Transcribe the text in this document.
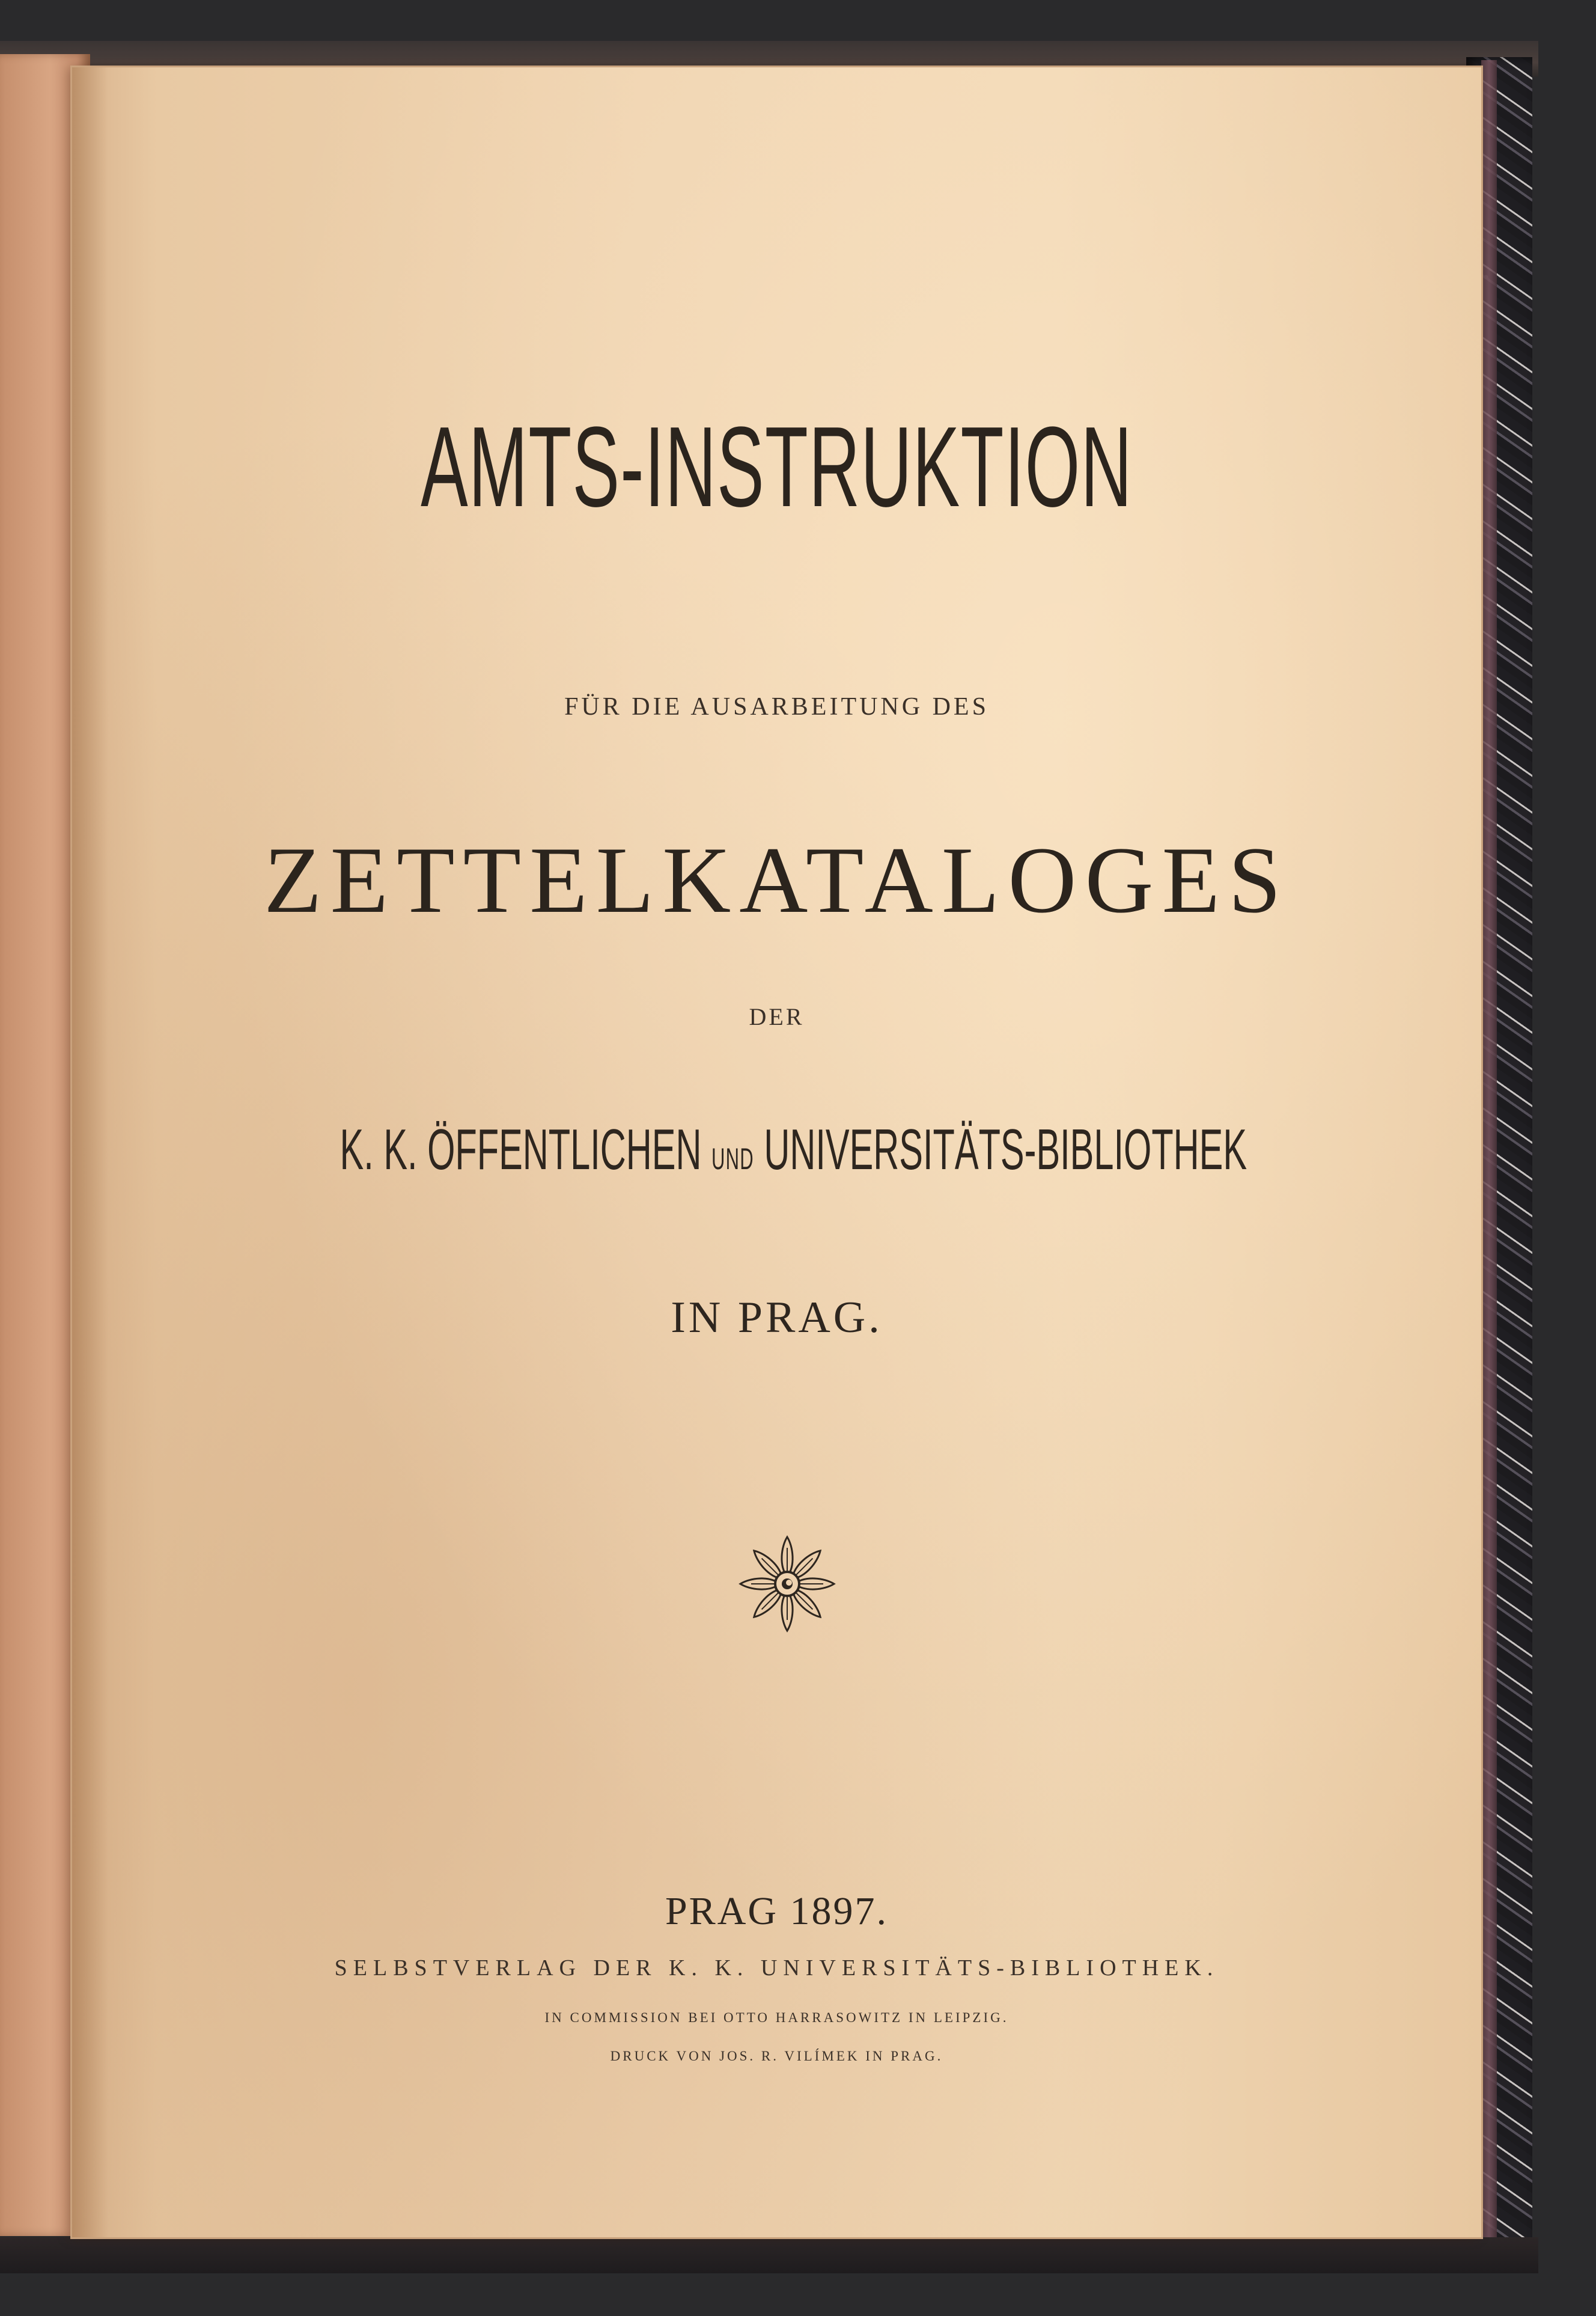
AMTS-INSTRUKTION
FÜR DIE AUSARBEITUNG DES
ZETTELKATALOGES
DER
K. K. ÖFFENTLICHEN UND UNIVERSITÄTS-BIBLIOTHEK
IN PRAG.
PRAG 1897.
SELBSTVERLAG DER K. K. UNIVERSITÄTS-BIBLIOTHEK.
IN COMMISSION BEI OTTO HARRASOWITZ IN LEIPZIG.
DRUCK VON JOS. R. VILÍMEK IN PRAG.
